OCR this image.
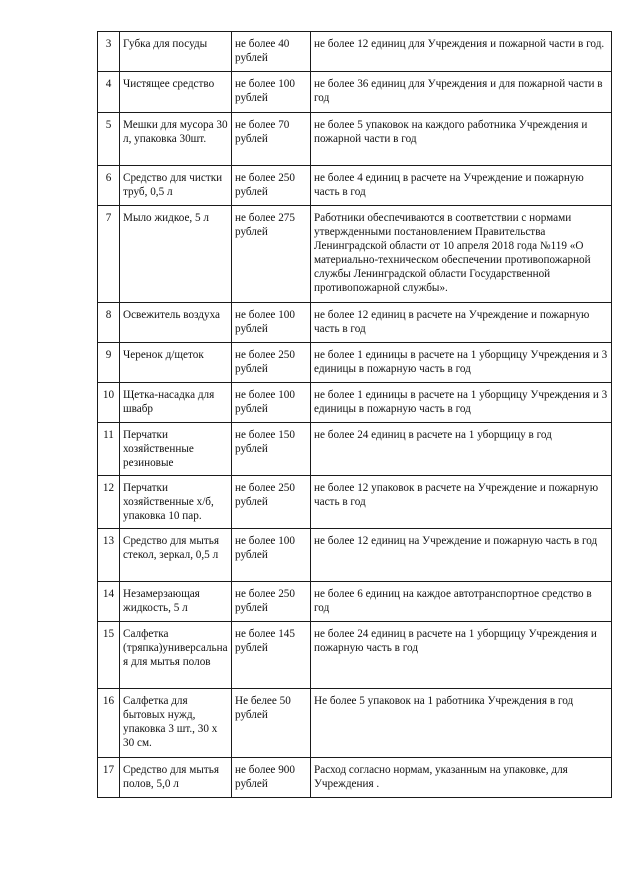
3	Губка для посуды	не более 40 рублей	не более 12 единиц для Учреждения и пожарной части в год.
4	Чистящее средство	не более 100 рублей	не более 36 единиц для Учреждения и для пожарной части в год
5	Мешки для мусора 30 л, упаковка 30шт.	не более 70 рублей	не более 5 упаковок на каждого работника Учреждения и пожарной части в год
6	Средство для чистки труб, 0,5 л	не более 250 рублей	не более 4 единиц в расчете на Учреждение и пожарную часть в год
7	Мыло жидкое, 5 л	не более 275 рублей	Работники обеспечиваются в соответствии с нормами утвержденными постановлением Правительства Ленинградской области от 10 апреля 2018 года №119 «О материально-техническом обеспечении противопожарной службы Ленинградской области Государственной противопожарной службы».
8	Освежитель воздуха	не более 100 рублей	не более 12 единиц в расчете на Учреждение и пожарную часть в год
9	Черенок д/щеток	не более 250 рублей	не более 1 единицы в расчете на 1 уборщицу Учреждения и 3 единицы в пожарную часть в год
10	Щетка-насадка для швабр	не более 100 рублей	не более 1 единицы в расчете на 1 уборщицу Учреждения и 3 единицы в пожарную часть в год
11	Перчатки хозяйственные резиновые	не более 150 рублей	не более 24 единиц в расчете на 1 уборщицу в год
12	Перчатки хозяйственные х/б, упаковка 10 пар.	не более 250 рублей	не более 12 упаковок в расчете на Учреждение и пожарную часть в год
13	Средство для мытья стекол, зеркал, 0,5 л	не более 100 рублей	не более 12 единиц на Учреждение и пожарную часть в год
14	Незамерзающая жидкость, 5 л	не более 250 рублей	не более 6 единиц на каждое автотранспортное средство в год
15	Салфетка (тряпка)универсальная для мытья полов	не более 145 рублей	не более 24 единиц в расчете на 1 уборщицу Учреждения и пожарную часть в год
16	Салфетка для бытовых нужд, упаковка 3 шт., 30 х 30 см.	Не белее 50 рублей	Не более 5 упаковок на 1 работника Учреждения в год
17	Средство для мытья полов, 5,0 л	не более 900 рублей	Расход согласно нормам, указанным на упаковке, для Учреждения .
